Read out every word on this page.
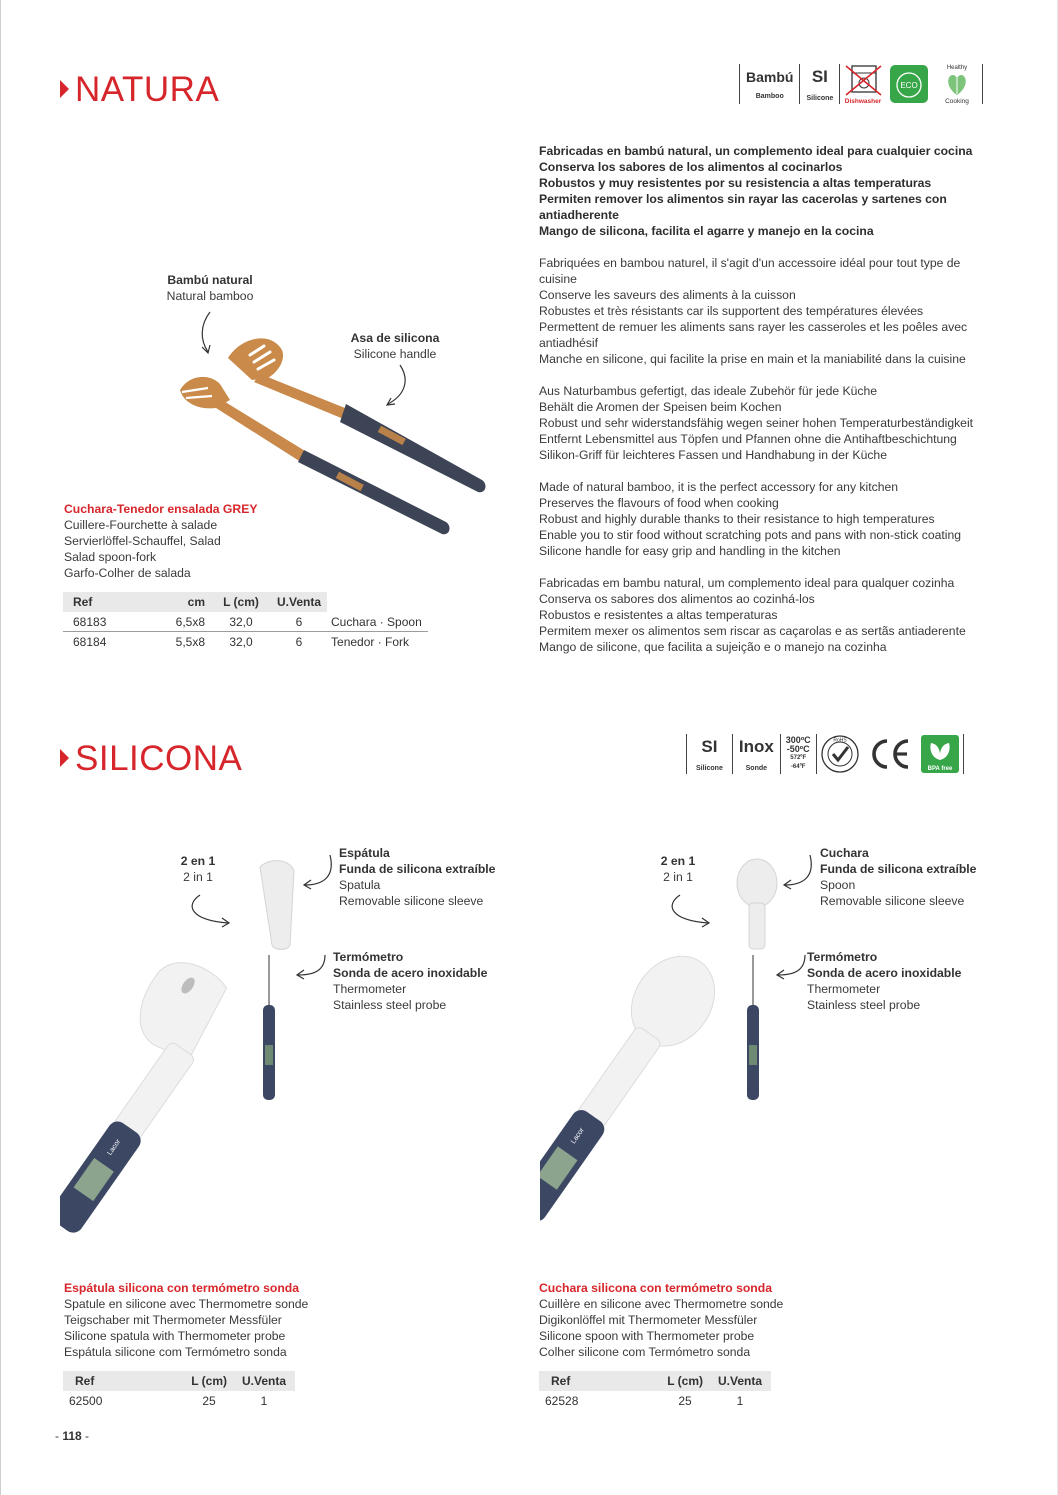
NATURA	Bambú
Bamboo
SI
Silicone Dishwasher
ECO
Healthy
Cooking

Fabricadas en bambú natural, un complemento ideal para cualquier cocina
Conserva los sabores de los alimentos al cocinarlos
Robustos y muy resistentes por su resistencia a altas temperaturas
Permiten remover los alimentos sin rayar las cacerolas y sartenes con antiadherente
Mango de silicona, facilita el agarre y manejo en la cocina

Fabriquées en bambou naturel, il s'agit d'un accessoire idéal pour tout type de cuisine
Conserve les saveurs des aliments à la cuisson
Robustes et très résistants car ils supportent des températures élevées
Permettent de remuer les aliments sans rayer les casseroles et les poêles avec antiadhésif
Manche en silicone, qui facilite la prise en main et la maniabilité dans la cuisine

Aus Naturbambus gefertigt, das ideale Zubehör für jede Küche
Behält die Aromen der Speisen beim Kochen
Robust und sehr widerstandsfähig wegen seiner hohen Temperaturbeständigkeit
Entfernt Lebensmittel aus Töpfen und Pfannen ohne die Antihaftbeschichtung
Silikon-Griff für leichteres Fassen und Handhabung in der Küche

Made of natural bamboo, it is the perfect accessory for any kitchen
Preserves the flavours of food when cooking
Robust and highly durable thanks to their resistance to high temperatures
Enable you to stir food without scratching pots and pans with non-stick coating
Silicone handle for easy grip and handling in the kitchen

Fabricadas em bambu natural, um complemento ideal para qualquer cozinha
Conserva os sabores dos alimentos ao cozinhá-los
Robustos e resistentes a altas temperaturas
Permitem mexer os alimentos sem riscar as caçarolas e as sertãs antiaderente
Mango de silicone, que facilita a sujeição e o manejo na cozinha

Bambú natural
Natural bamboo
Asa de silicona
Silicone handle
Cuchara-Tenedor ensalada GREY
Cuillere-Fourchette à salade
Servierlöffel-Schauffel, Salad
Salad spoon-fork
Garfo-Colher de salada
Ref	cm	L (cm)	U.Venta	
68183	6,5x8	32,0	6	Cuchara · Spoon
68184	5,5x8	32,0	6	Tenedor · Fork
SILICONA	SI
Silicone
Inox
Sonde
300ºC
-50ºC
572ºF
-64ºF
RoHS
BPA free
2 en 1
2 in 1
Espátula
Funda de silicona extraíble
Spatula
Removable silicone sleeve
Termómetro
Sonda de acero inoxidable
Thermometer
Stainless steel probe
Lacor
Espátula silicona con termómetro sonda
Spatule en silicone avec Thermometre sonde
Teigschaber mit Thermometer Messfüler
Silicone spatula with Thermometer probe
Espátula silicone com Termómetro sonda
Ref	L (cm)	U.Venta
62500	25	1
2 en 1
2 in 1
Cuchara
Funda de silicona extraíble
Spoon
Removable silicone sleeve
Termómetro
Sonda de acero inoxidable
Thermometer
Stainless steel probe
Lacor
Cuchara silicona con termómetro sonda
Cuillère en silicone avec Thermometre sonde
Digikonlöffel mit Thermometer Messfüler
Silicone spoon with Thermometer probe
Colher silicone com Termómetro sonda
Ref	L (cm)	U.Venta
62528	25	1
- 118 -
